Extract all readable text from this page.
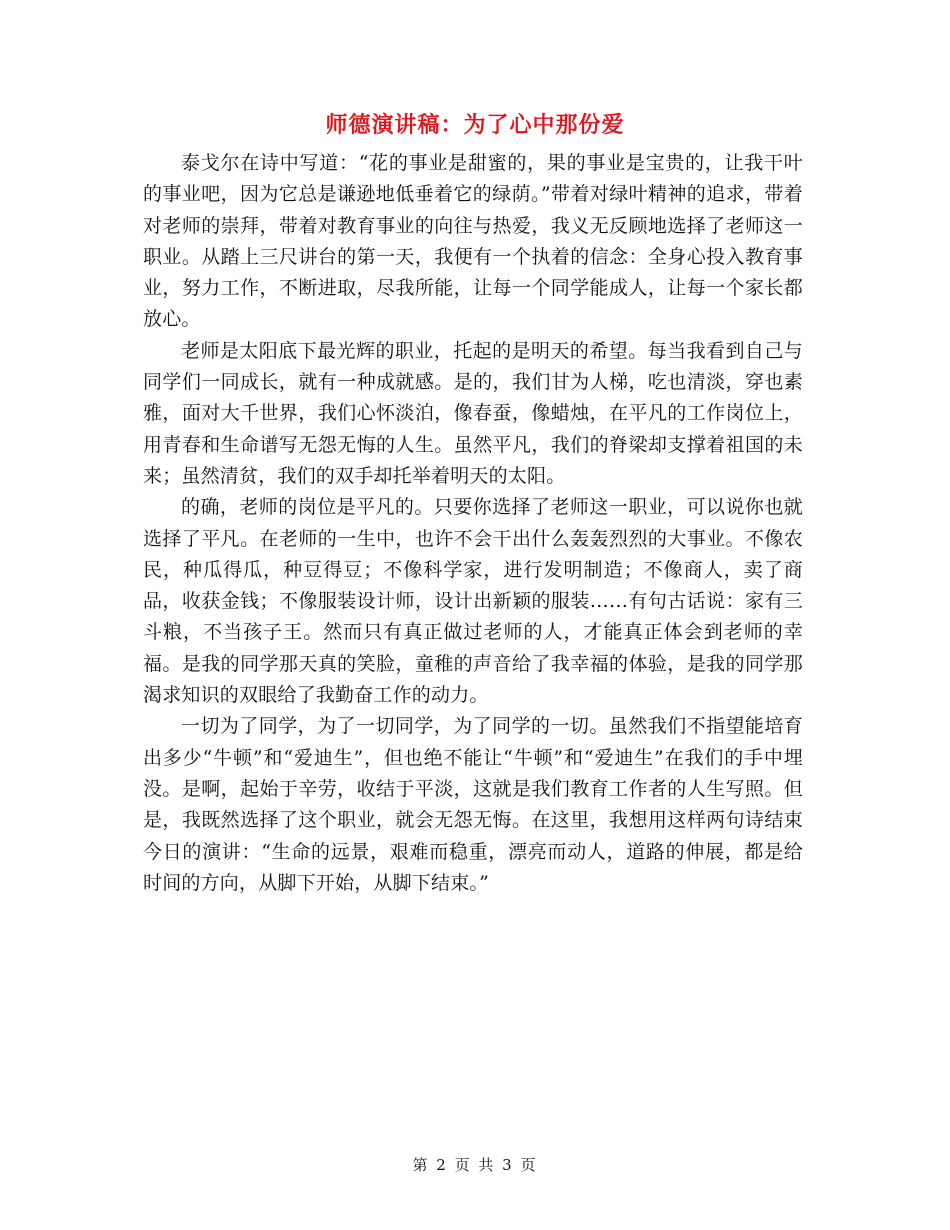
师德演讲稿：为了心中那份爱

泰戈尔在诗中写道：“花的事业是甜蜜的，果的事业是宝贵的，让我干叶的事业吧，因为它总是谦逊地低垂着它的绿荫。”带着对绿叶精神的追求，带着对老师的崇拜，带着对教育事业的向往与热爱，我义无反顾地选择了老师这一职业。从踏上三尺讲台的第一天，我便有一个执着的信念：全身心投入教育事业，努力工作，不断进取，尽我所能，让每一个同学能成人，让每一个家长都放心。

老师是太阳底下最光辉的职业，托起的是明天的希望。每当我看到自己与同学们一同成长，就有一种成就感。是的，我们甘为人梯，吃也清淡，穿也素雅，面对大千世界，我们心怀淡泊，像春蚕，像蜡烛，在平凡的工作岗位上，用青春和生命谱写无怨无悔的人生。虽然平凡，我们的脊梁却支撑着祖国的未来；虽然清贫，我们的双手却托举着明天的太阳。

的确，老师的岗位是平凡的。只要你选择了老师这一职业，可以说你也就选择了平凡。在老师的一生中，也许不会干出什么轰轰烈烈的大事业。不像农民，种瓜得瓜，种豆得豆；不像科学家，进行发明制造；不像商人，卖了商品，收获金钱；不像服装设计师，设计出新颖的服装……有句古话说：家有三斗粮，不当孩子王。然而只有真正做过老师的人，才能真正体会到老师的幸福。是我的同学那天真的笑脸，童稚的声音给了我幸福的体验，是我的同学那渴求知识的双眼给了我勤奋工作的动力。

一切为了同学，为了一切同学，为了同学的一切。虽然我们不指望能培育出多少“牛顿”和“爱迪生”，但也绝不能让“牛顿”和“爱迪生”在我们的手中埋没。是啊，起始于辛劳，收结于平淡，这就是我们教育工作者的人生写照。但是，我既然选择了这个职业，就会无怨无悔。在这里，我想用这样两句诗结束今日的演讲：“生命的远景，艰难而稳重，漂亮而动人，道路的伸展，都是给时间的方向，从脚下开始，从脚下结束。”

第 2 页 共 3 页
